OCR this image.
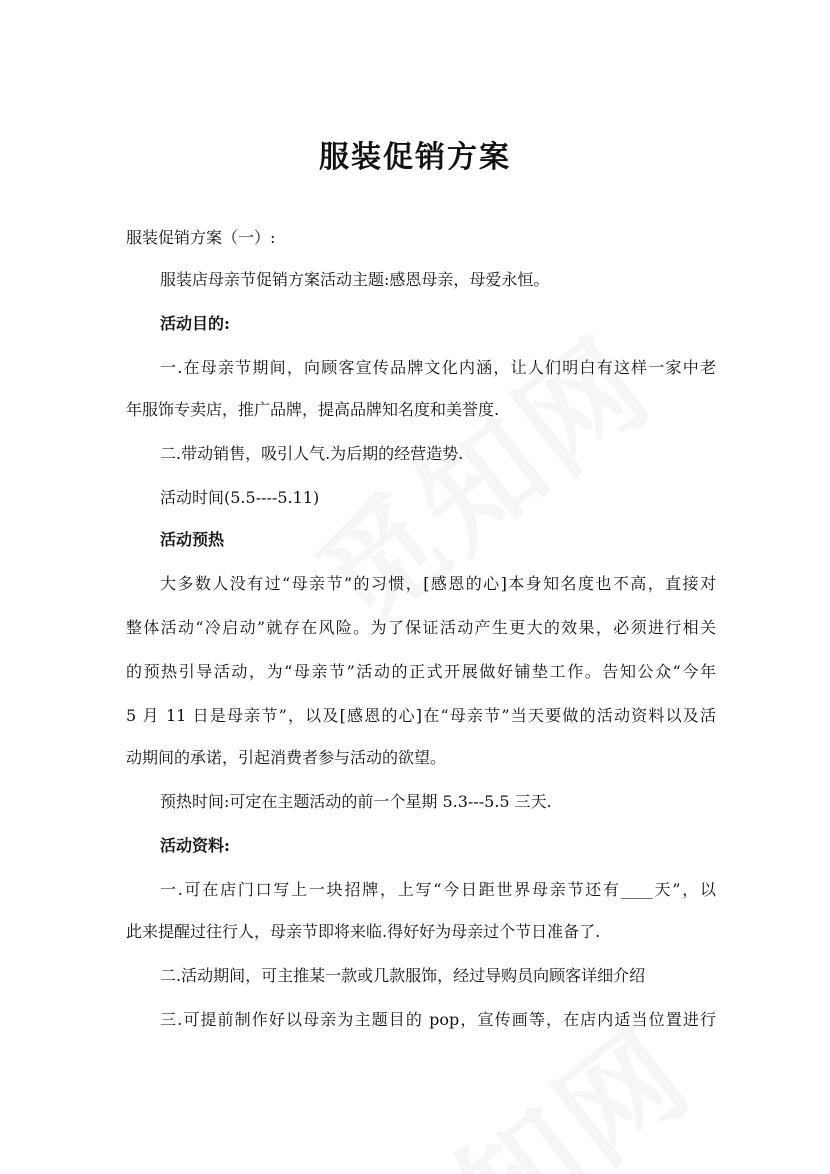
服装促销方案
服装促销方案（一）:
服装店母亲节促销方案活动主题:感恩母亲，母爱永恒。
活动目的:
一.在母亲节期间，向顾客宣传品牌文化内涵，让人们明白有这样一家中老
年服饰专卖店，推广品牌，提高品牌知名度和美誉度.
二.带动销售，吸引人气.为后期的经营造势.
活动时间(5.5----5.11)
活动预热
大多数人没有过“母亲节”的习惯，[感恩的心]本身知名度也不高，直接对
整体活动“冷启动”就存在风险。为了保证活动产生更大的效果，必须进行相关
的预热引导活动，为“母亲节”活动的正式开展做好铺垫工作。告知公众“今年
5 月 11 日是母亲节”，以及[感恩的心]在“母亲节”当天要做的活动资料以及活
动期间的承诺，引起消费者参与活动的欲望。
预热时间:可定在主题活动的前一个星期 5.3---5.5 三天.
活动资料:
一.可在店门口写上一块招牌，上写“今日距世界母亲节还有____天”，以
此来提醒过往行人，母亲节即将来临.得好好为母亲过个节日准备了.
二.活动期间，可主推某一款或几款服饰，经过导购员向顾客详细介绍
三.可提前制作好以母亲为主题目的 pop，宣传画等，在店内适当位置进行
